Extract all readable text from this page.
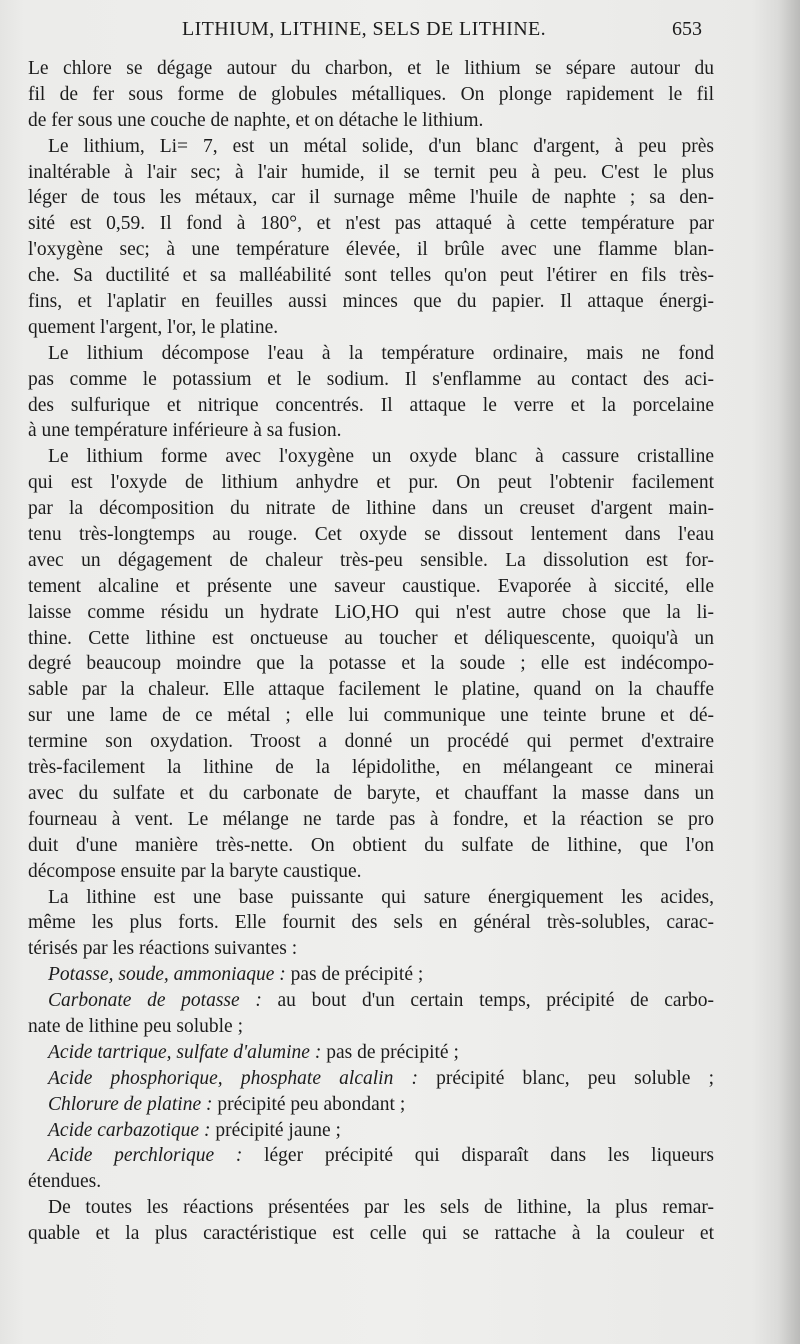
LITHIUM, LITHINE, SELS DE LITHINE.	653
Le chlore se dégage autour du charbon, et le lithium se sépare autour du
fil de fer sous forme de globules métalliques. On plonge rapidement le fil
de fer sous une couche de naphte, et on détache le lithium.
Le lithium, Li= 7, est un métal solide, d'un blanc d'argent, à peu près
inaltérable à l'air sec; à l'air humide, il se ternit peu à peu. C'est le plus
léger de tous les métaux, car il surnage même l'huile de naphte ; sa den-
sité est 0,59. Il fond à 180°, et n'est pas attaqué à cette température par
l'oxygène sec; à une température élevée, il brûle avec une flamme blan-
che. Sa ductilité et sa malléabilité sont telles qu'on peut l'étirer en fils très-
fins, et l'aplatir en feuilles aussi minces que du papier. Il attaque énergi-
quement l'argent, l'or, le platine.
Le lithium décompose l'eau à la température ordinaire, mais ne fond
pas comme le potassium et le sodium. Il s'enflamme au contact des aci-
des sulfurique et nitrique concentrés. Il attaque le verre et la porcelaine
à une température inférieure à sa fusion.
Le lithium forme avec l'oxygène un oxyde blanc à cassure cristalline
qui est l'oxyde de lithium anhydre et pur. On peut l'obtenir facilement
par la décomposition du nitrate de lithine dans un creuset d'argent main-
tenu très-longtemps au rouge. Cet oxyde se dissout lentement dans l'eau
avec un dégagement de chaleur très-peu sensible. La dissolution est for-
tement alcaline et présente une saveur caustique. Evaporée à siccité, elle
laisse comme résidu un hydrate LiO,HO qui n'est autre chose que la li-
thine. Cette lithine est onctueuse au toucher et déliquescente, quoiqu'à un
degré beaucoup moindre que la potasse et la soude ; elle est indécompo-
sable par la chaleur. Elle attaque facilement le platine, quand on la chauffe
sur une lame de ce métal ; elle lui communique une teinte brune et dé-
termine son oxydation. Troost a donné un procédé qui permet d'extraire
très-facilement la lithine de la lépidolithe, en mélangeant ce minerai
avec du sulfate et du carbonate de baryte, et chauffant la masse dans un
fourneau à vent. Le mélange ne tarde pas à fondre, et la réaction se pro
duit d'une manière très-nette. On obtient du sulfate de lithine, que l'on
décompose ensuite par la baryte caustique.
La lithine est une base puissante qui sature énergiquement les acides,
même les plus forts. Elle fournit des sels en général très-solubles, carac-
térisés par les réactions suivantes :
Potasse, soude, ammoniaque : pas de précipité ;
Carbonate de potasse : au bout d'un certain temps, précipité de carbo-
nate de lithine peu soluble ;
Acide tartrique, sulfate d'alumine : pas de précipité ;
Acide phosphorique, phosphate alcalin : précipité blanc, peu soluble ;
Chlorure de platine : précipité peu abondant ;
Acide carbazotique : précipité jaune ;
Acide perchlorique : léger précipité qui disparaît dans les liqueurs
étendues.
De toutes les réactions présentées par les sels de lithine, la plus remar-
quable et la plus caractéristique est celle qui se rattache à la couleur et
